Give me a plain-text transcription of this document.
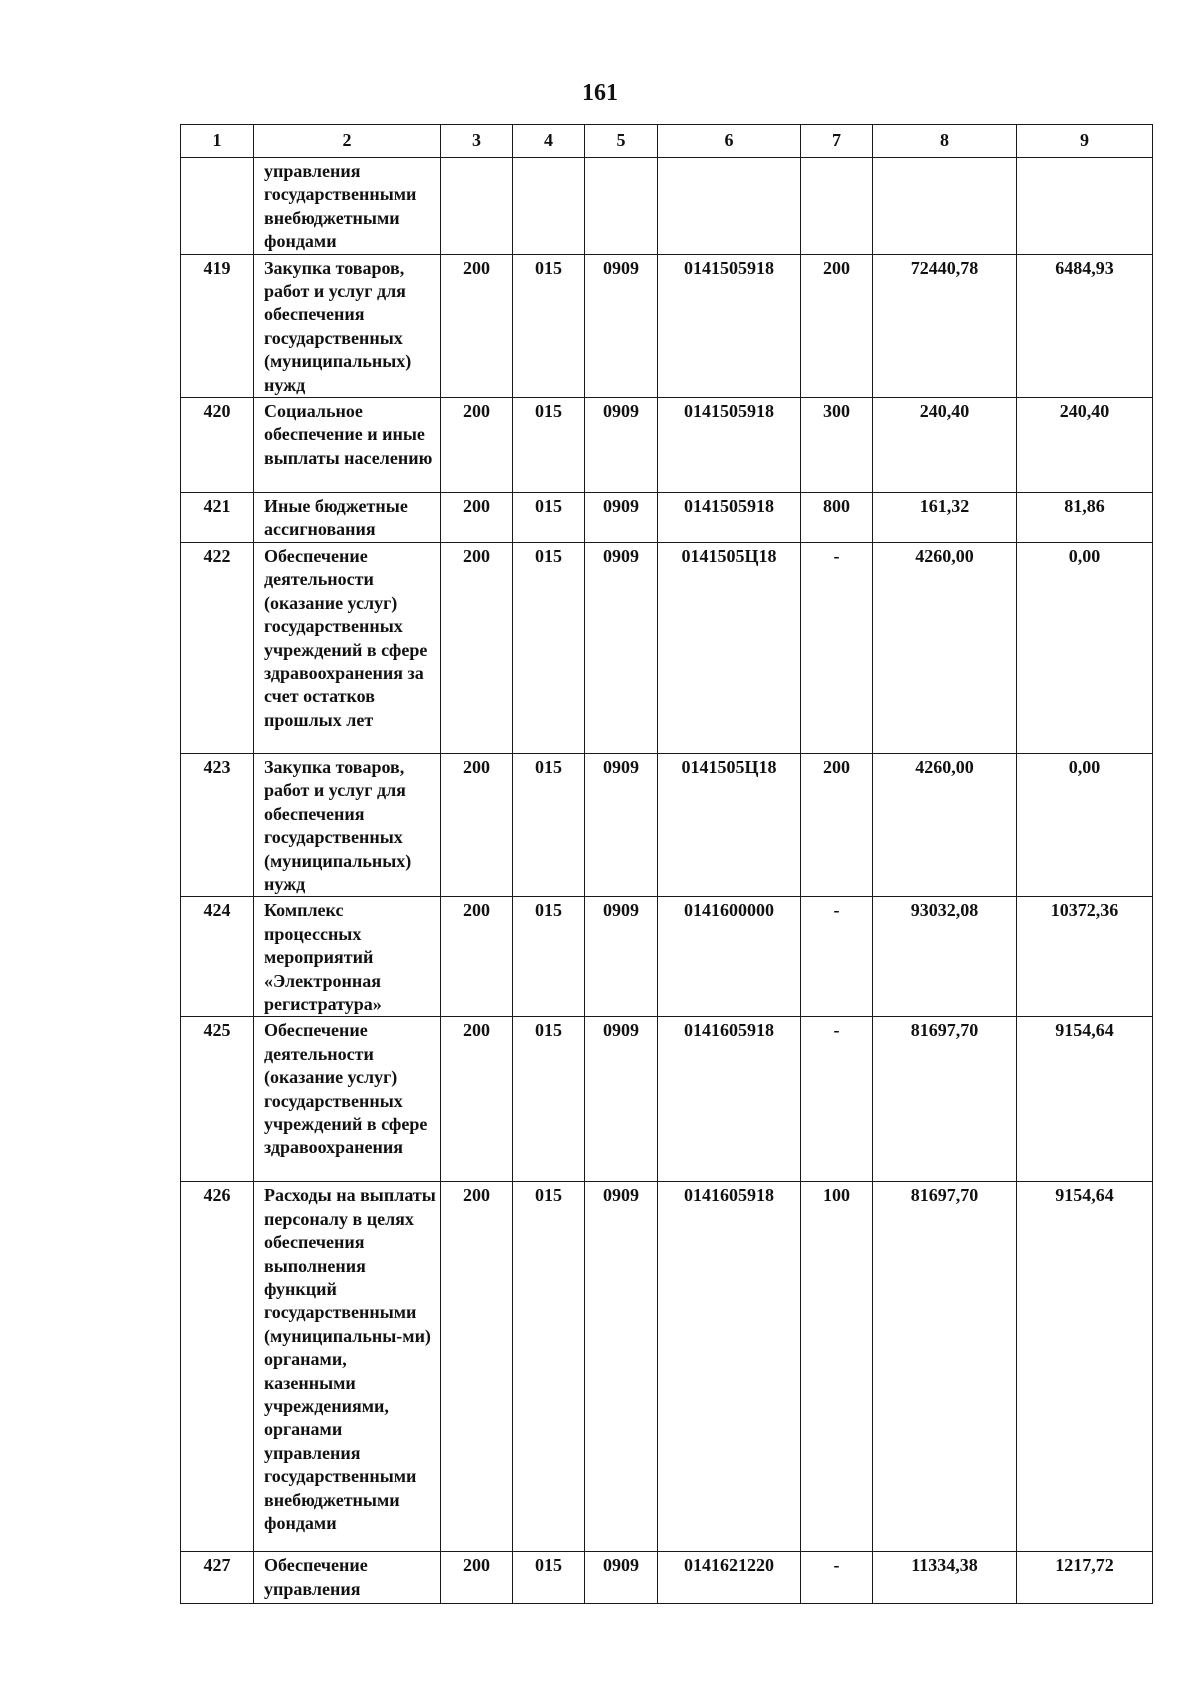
161
1	2	3	4	5	6	7	8	9
	управления государственными внебюджетными фондами							
419	Закупка товаров, работ и услуг для обеспечения государственных (муниципальных) нужд	200	015	0909	0141505918	200	72440,78	6484,93
420	Социальное обеспечение и иные выплаты населению	200	015	0909	0141505918	300	240,40	240,40
421	Иные бюджетные ассигнования	200	015	0909	0141505918	800	161,32	81,86
422	Обеспечение деятельности (оказание услуг) государственных учреждений в сфере здравоохранения за счет остатков прошлых лет	200	015	0909	0141505Ц18	-	4260,00	0,00
423	Закупка товаров, работ и услуг для обеспечения государственных (муниципальных) нужд	200	015	0909	0141505Ц18	200	4260,00	0,00
424	Комплекс процессных мероприятий «Электронная регистратура»	200	015	0909	0141600000	-	93032,08	10372,36
425	Обеспечение деятельности (оказание услуг) государственных учреждений в сфере здравоохранения	200	015	0909	0141605918	-	81697,70	9154,64
426	Расходы на выплаты персоналу в целях обеспечения выполнения функций государственными (муниципальны-ми) органами, казенными учреждениями, органами управления государственными внебюджетными фондами	200	015	0909	0141605918	100	81697,70	9154,64
427	Обеспечение управления	200	015	0909	0141621220	-	11334,38	1217,72
